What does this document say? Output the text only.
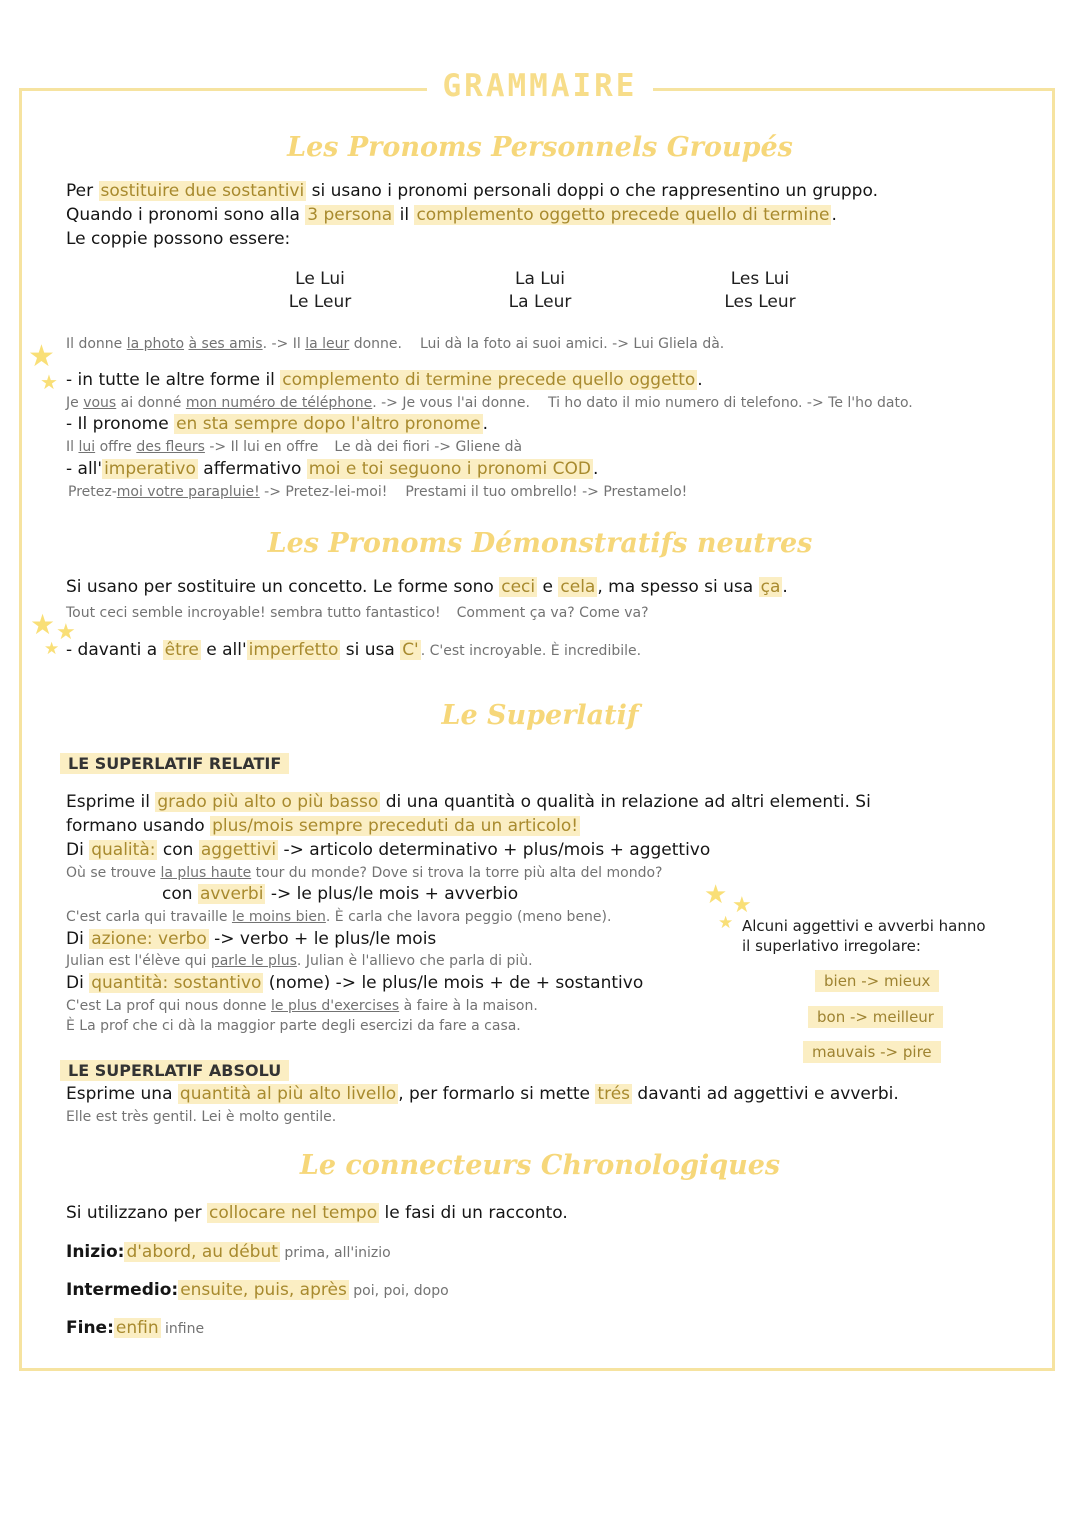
GRAMMAIRE
Les Pronoms Personnels Groupés
Per sostituire due sostantivi si usano i pronomi personali doppi o che rappresentino un gruppo.
Quando i pronomi sono alla 3 persona il complemento oggetto precede quello di termine .
Le coppie possono essere:
Le Lui
Le Leur
La Lui
La Leur
Les Lui
Les Leur
★
★
Il donne la photo à ses amis. -> Il la leur donne. Lui dà la foto ai suoi amici. -> Lui Gliela dà.
- in tutte le altre forme il complemento di termine precede quello oggetto .
Je vous ai donné mon numéro de téléphone. -> Je vous l'ai donne. Ti ho dato il mio numero di telefono. -> Te l'ho dato.
- Il pronome en sta sempre dopo l'altro pronome .
Il lui offre des fleurs -> Il lui en offre Le dà dei fiori -> Gliene dà
- all' imperativo affermativo moi e toi seguono i pronomi COD .
Pretez-moi votre parapluie! -> Pretez-lei-moi! Prestami il tuo ombrello! -> Prestamelo!
Les Pronoms Démonstratifs neutres
Si usano per sostituire un concetto. Le forme sono ceci e cela , ma spesso si usa ça .
Tout ceci semble incroyable! sembra tutto fantastico! Comment ça va? Come va?
★ ★
★ - davanti a être e all' imperfetto si usa C' . C'est incroyable. È incredibile.
Le Superlatif
LE SUPERLATIF RELATIF
Esprime il grado più alto o più basso di una quantità o qualità in relazione ad altri elementi. Si
formano usando plus/mois sempre preceduti da un articolo!
Di qualità: con aggettivi -> articolo determinativo + plus/mois + aggettivo
Où se trouve la plus haute tour du monde? Dove si trova la torre più alta del mondo?
con avverbi -> le plus/le mois + avverbio
C'est carla qui travaille le moins bien. È carla che lavora peggio (meno bene).
Di azione: verbo -> verbo + le plus/le mois
Julian est l'élève qui parle le plus. Julian è l'allievo che parla di più.
Di quantità: sostantivo (nome) -> le plus/le mois + de + sostantivo
C'est La prof qui nous donne le plus d'exercises à faire à la maison.
È La prof che ci dà la maggior parte degli esercizi da fare a casa.
★ ★
★ Alcuni aggettivi e avverbi hanno
il superlativo irregolare:
bien -> mieux
bon -> meilleur
mauvais -> pire
LE SUPERLATIF ABSOLU
Esprime una quantità al più alto livello , per formarlo si mette trés davanti ad aggettivi e avverbi.
Elle est très gentil. Lei è molto gentile.
Le connecteurs Chronologiques
Si utilizzano per collocare nel tempo le fasi di un racconto.
Inizio: d'abord, au début prima, all'inizio
Intermedio: ensuite, puis, après poi, poi, dopo
Fine: enfin infine
